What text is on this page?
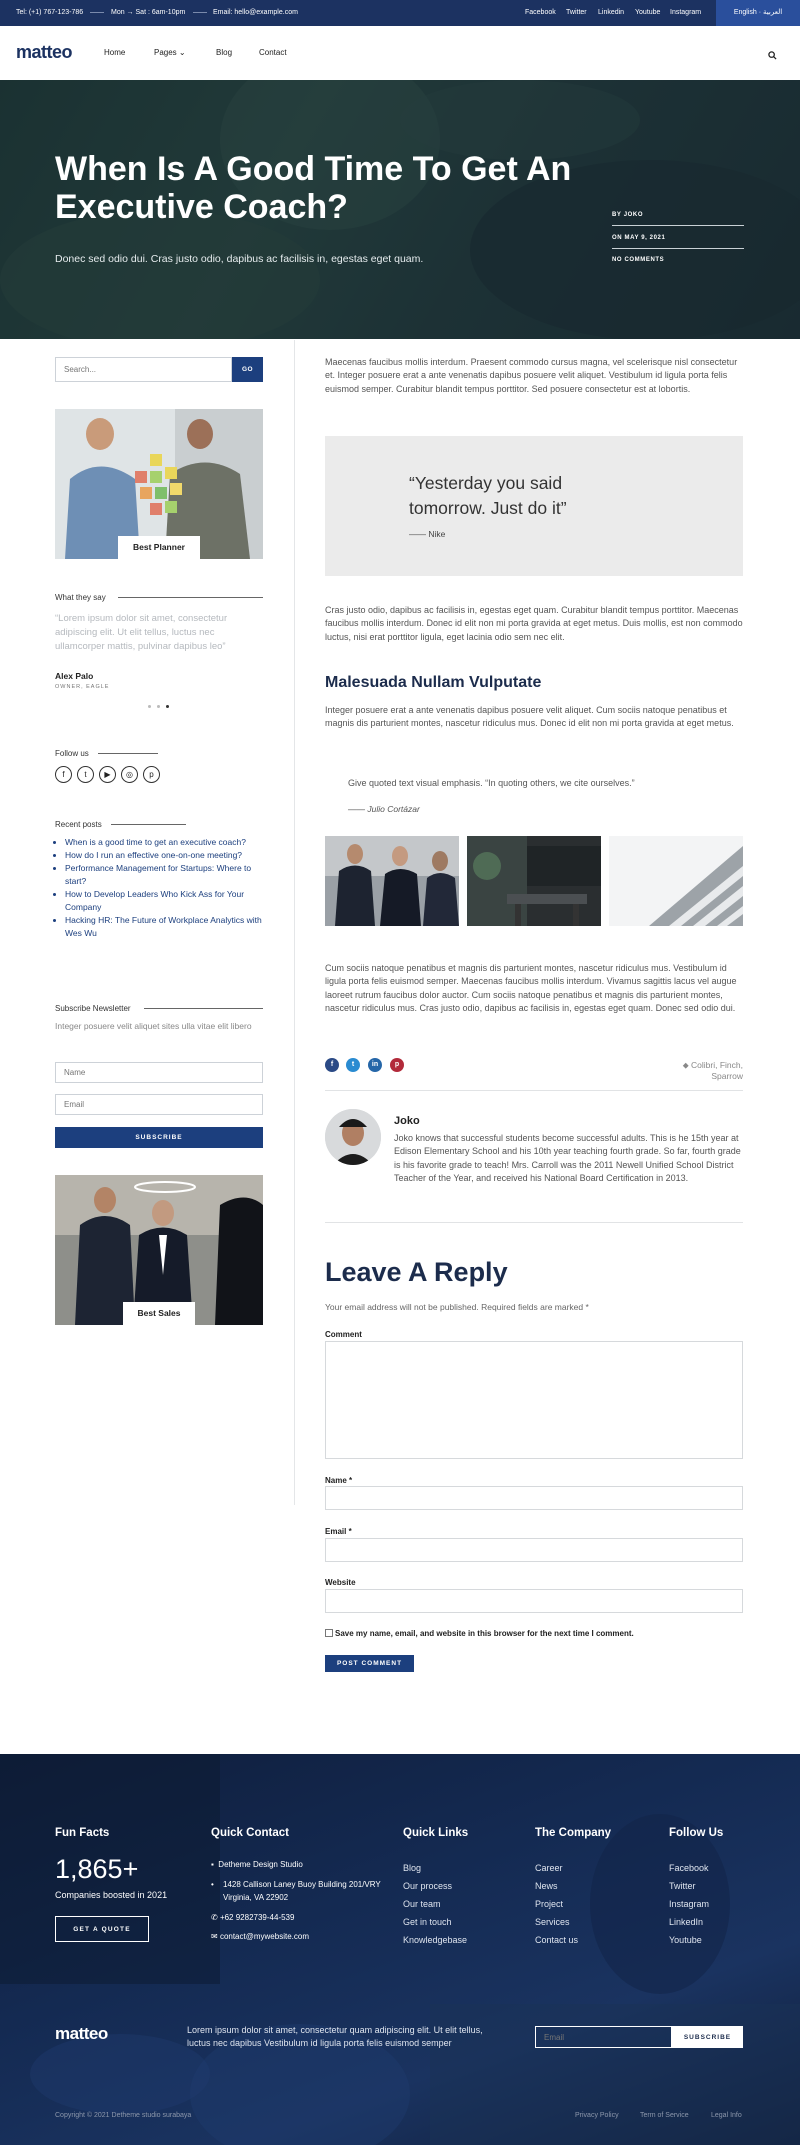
Tel: (+1) 767-123-786	Mon → Sat : 6am-10pm	Email: hello@example.com	Facebook Twitter Linkedin Youtube Instagram	English · العربية
matteo	Home	Pages ⌄	Blog	Contact
When Is A Good Time To Get An Executive Coach?

Donec sed odio dui. Cras justo odio, dapibus ac facilisis in, egestas eget quam.

BY JOKO
ON MAY 9, 2021
NO COMMENTS
Search...
GO
Best Planner
What they say
“Lorem ipsum dolor sit amet, consectetur adipiscing elit. Ut elit tellus, luctus nec ullamcorper mattis, pulvinar dapibus leo”
Alex Palo
OWNER, EAGLE
Follow us
f	t	▶	◎	p
Recent posts
• When is a good time to get an executive coach?
• How do I run an effective one-on-one meeting?
• Performance Management for Startups: Where to start?
• How to Develop Leaders Who Kick Ass for Your Company
• Hacking HR: The Future of Workplace Analytics with Wes Wu
Subscribe Newsletter
Integer posuere velit aliquet sites ulla vitae elit libero
Name
Email
SUBSCRIBE
Best Sales

Maecenas faucibus mollis interdum. Praesent commodo cursus magna, vel scelerisque nisl consectetur et. Integer posuere erat a ante venenatis dapibus posuere velit aliquet. Vestibulum id ligula porta felis euismod semper. Curabitur blandit tempus porttitor. Sed posuere consectetur est at lobortis.

“Yesterday you said tomorrow. Just do it”
—— Nike

Cras justo odio, dapibus ac facilisis in, egestas eget quam. Curabitur blandit tempus porttitor. Maecenas faucibus mollis interdum. Donec id elit non mi porta gravida at eget metus. Duis mollis, est non commodo luctus, nisi erat porttitor ligula, eget lacinia odio sem nec elit.

Malesuada Nullam Vulputate

Integer posuere erat a ante venenatis dapibus posuere velit aliquet. Cum sociis natoque penatibus et magnis dis parturient montes, nascetur ridiculus mus. Donec id elit non mi porta gravida at eget metus.

Give quoted text visual emphasis. “In quoting others, we cite ourselves.”
—— Julio Cortázar

Cum sociis natoque penatibus et magnis dis parturient montes, nascetur ridiculus mus. Vestibulum id ligula porta felis euismod semper. Maecenas faucibus mollis interdum. Vivamus sagittis lacus vel augue laoreet rutrum faucibus dolor auctor. Cum sociis natoque penatibus et magnis dis parturient montes, nascetur ridiculus mus. Cras justo odio, dapibus ac facilisis in, egestas eget quam. Donec sed odio dui.

f	t	in	p	⬥ Colibri, Finch, Sparrow
Joko

Joko knows that successful students become successful adults. This is he 15th year at Edison Elementary School and his 10th year teaching fourth grade. So far, fourth grade is his favorite grade to teach! Mrs. Carroll was the 2011 Newell Unified School District Teacher of the Year, and received his National Board Certification in 2013.

Leave A Reply
Your email address will not be published. Required fields are marked *
Comment
Name *
Email *
Website
Save my name, email, and website in this browser for the next time I comment.
POST COMMENT
Fun Facts
1,865+
Companies boosted in 2021
GET A QUOTE
Quick Contact
▪ Detheme Design Studio
•	1428 Callison Laney Buoy Building 201/VRY Virginia, VA 22902
✆ +62 9282739-44-539
✉ contact@mywebsite.com
Quick Links
Blog
Our process
Our team
Get in touch
Knowledgebase
The Company
Career
News
Project
Services
Contact us
Follow Us
Facebook
Twitter
Instagram
LinkedIn
Youtube
matteo	Lorem ipsum dolor sit amet, consectetur quam adipiscing elit. Ut elit tellus, luctus nec dapibus Vestibulum id ligula porta felis euismod semper

Email
SUBSCRIBE
Copyright © 2021 Detheme studio surabaya	Privacy Policy	Term of Service	Legal Info
